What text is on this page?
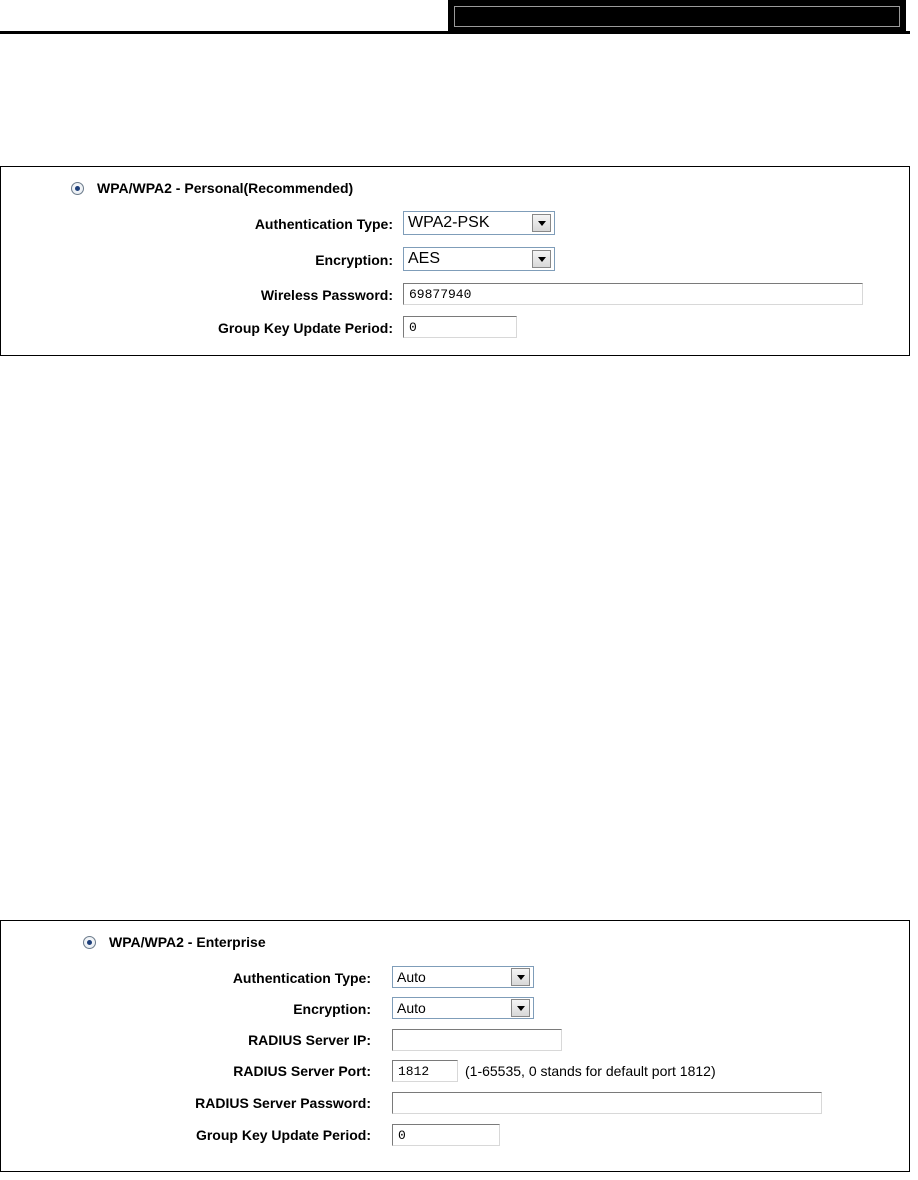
WPA/WPA2 - Personal(Recommended)
Authentication Type: WPA2-PSK
Encryption: AES
Wireless Password:	69877940
Group Key Update Period:	0
WPA/WPA2 - Enterprise
Authentication Type: Auto
Encryption: Auto
RADIUS Server IP:
RADIUS Server Port:	1812	(1-65535, 0 stands for default port 1812)
RADIUS Server Password:
Group Key Update Period:	0
